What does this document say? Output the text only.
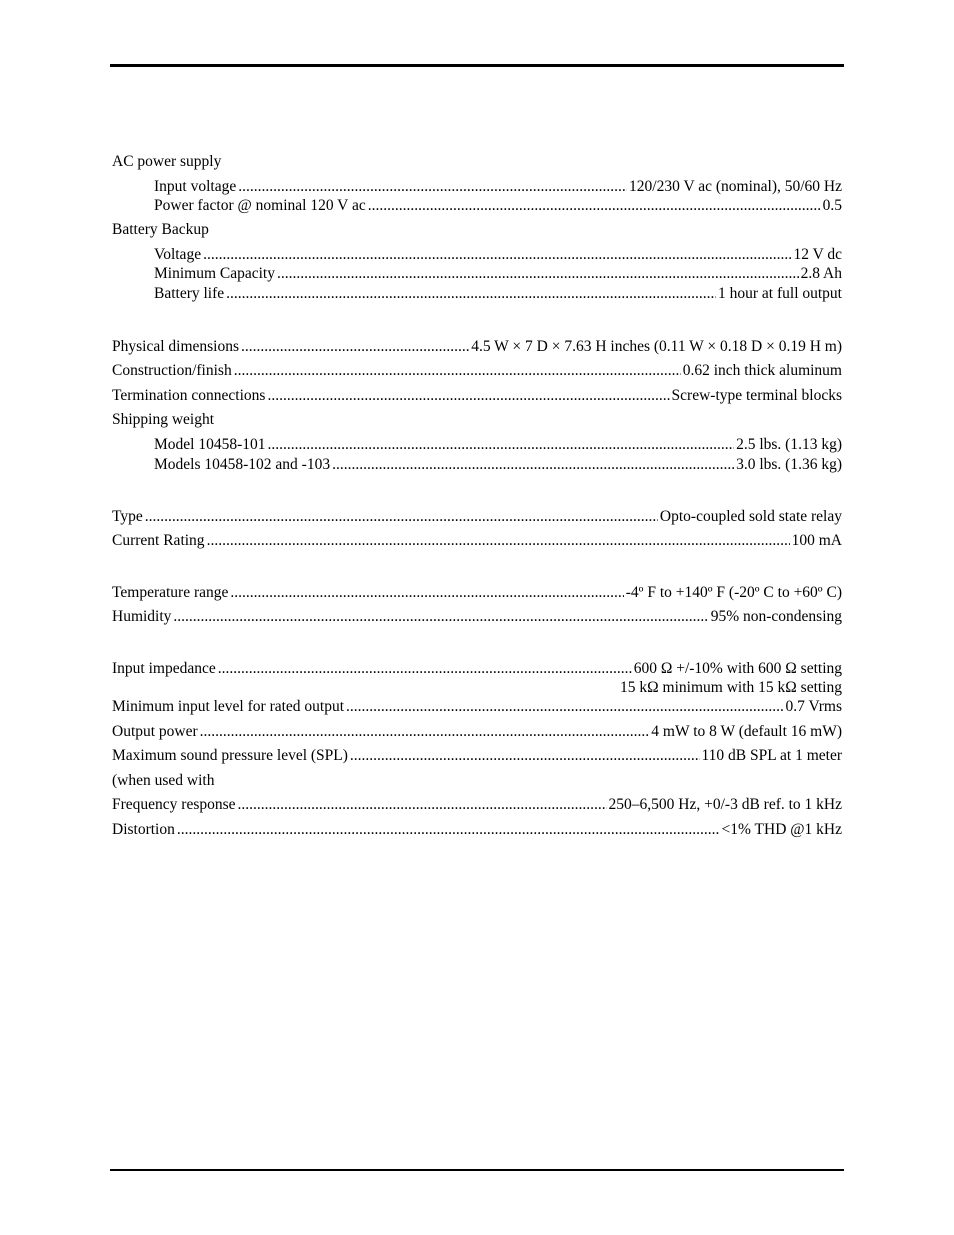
AC power supply
Input voltage .....	120/230 V ac (nominal), 50/60 Hz
Power factor @ nominal 120 V ac .....	0.5
Battery Backup
Voltage .....	12 V dc
Minimum Capacity .....	2.8 Ah
Battery life .....	1 hour at full output
Physical dimensions .....	4.5 W × 7 D × 7.63 H inches (0.11 W × 0.18 D × 0.19 H m)
Construction/finish .....	0.62 inch thick aluminum
Termination connections .....	Screw-type terminal blocks
Shipping weight
Model 10458-101 .....	2.5 lbs. (1.13 kg)
Models 10458-102 and -103 .....	3.0 lbs. (1.36 kg)
Type .....	Opto-coupled sold state relay
Current Rating .....	100 mA
Temperature range .....	-4º F to +140º F (-20º C to +60º C)
Humidity .....	95% non-condensing
Input impedance .....	600 Ω +/-10% with 600 Ω setting
15 kΩ minimum with 15 kΩ setting
Minimum input level for rated output .....	0.7 Vrms
Output power .....	4 mW to 8 W (default 16 mW)
Maximum sound pressure level (SPL) .....	110 dB SPL at 1 meter
(when used with
Frequency response .....	250–6,500 Hz, +0/-3 dB ref. to 1 kHz
Distortion .....	<1% THD @1 kHz
